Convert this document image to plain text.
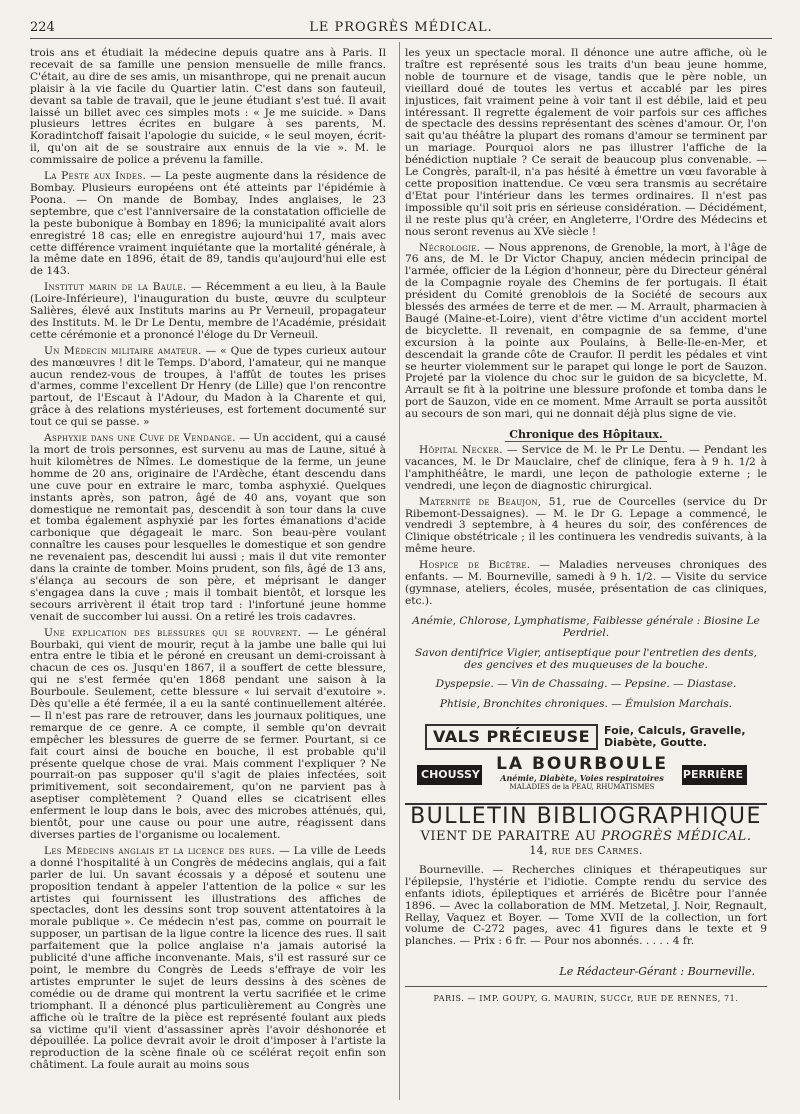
224	LE PROGRÈS MÉDICAL.

trois ans et étudiait la médecine depuis quatre ans à Paris. Il recevait de sa famille une pension mensuelle de mille francs. C'était, au dire de ses amis, un misanthrope, qui ne prenait aucun plaisir à la vie facile du Quartier latin. C'est dans son fauteuil, devant sa table de travail, que le jeune étudiant s'est tué. Il avait laissé un billet avec ces simples mots : « Je me suicide. » Dans plusieurs lettres écrites en bulgare à ses parents, M. Koradintchoff faisait l'apologie du suicide, « le seul moyen, écrit-il, qu'on ait de se soustraire aux ennuis de la vie ». M. le commissaire de police a prévenu la famille.

La Peste aux Indes. — La peste augmente dans la résidence de Bombay. Plusieurs européens ont été atteints par l'épidémie à Poona. — On mande de Bombay, Indes anglaises, le 23 septembre, que c'est l'anniversaire de la constatation officielle de la peste bubonique à Bombay en 1896; la municipalité avait alors enregistré 18 cas; elle en enregistre aujourd'hui 17, mais avec cette différence vraiment inquiétante que la mortalité générale, à la même date en 1896, était de 89, tandis qu'aujourd'hui elle est de 143.

Institut marin de la Baule. — Récemment a eu lieu, à la Baule (Loire-Inférieure), l'inauguration du buste, œuvre du sculpteur Salières, élevé aux Instituts marins au Pr Verneuil, propagateur des Instituts. M. le Dr Le Dentu, membre de l'Académie, présidait cette cérémonie et a prononcé l'éloge du Dr Verneuil.

Un Médecin militaire amateur. — « Que de types curieux autour des manœuvres ! dit le Temps. D'abord, l'amateur, qui ne manque aucun rendez-vous de troupes, à l'affût de toutes les prises d'armes, comme l'excellent Dr Henry (de Lille) que l'on rencontre partout, de l'Escaut à l'Adour, du Madon à la Charente et qui, grâce à des relations mystérieuses, est fortement documenté sur tout ce qui se passe. »

Asphyxie dans une Cuve de Vendange. — Un accident, qui a causé la mort de trois personnes, est survenu au mas de Laune, situé à huit kilomètres de Nîmes. Le domestique de la ferme, un jeune homme de 20 ans, originaire de l'Ardèche, étant descendu dans une cuve pour en extraire le marc, tomba asphyxié. Quelques instants après, son patron, âgé de 40 ans, voyant que son domestique ne remontait pas, descendit à son tour dans la cuve et tomba également asphyxié par les fortes émanations d'acide carbonique que dégageait le marc. Son beau-père voulant connaître les causes pour lesquelles le domestique et son gendre ne revenaient pas, descendit lui aussi ; mais il dut vite remonter dans la crainte de tomber. Moins prudent, son fils, âgé de 13 ans, s'élança au secours de son père, et méprisant le danger s'engagea dans la cuve ; mais il tombait bientôt, et lorsque les secours arrivèrent il était trop tard : l'infortuné jeune homme venait de succomber lui aussi. On a retiré les trois cadavres.

Une explication des blessures qui se rouvrent. — Le général Bourbaki, qui vient de mourir, reçut à la jambe une balle qui lui entra entre le tibia et le péroné en creusant un demi-croissant à chacun de ces os. Jusqu'en 1867, il a souffert de cette blessure, qui ne s'est fermée qu'en 1868 pendant une saison à la Bourboule. Seulement, cette blessure « lui servait d'exutoire ». Dès qu'elle a été fermée, il a eu la santé continuellement altérée. — Il n'est pas rare de retrouver, dans les journaux politiques, une remarque de ce genre. A ce compte, il semble qu'on devrait empêcher les blessures de guerre de se fermer. Pourtant, si ce fait court ainsi de bouche en bouche, il est probable qu'il présente quelque chose de vrai. Mais comment l'expliquer ? Ne pourrait-on pas supposer qu'il s'agit de plaies infectées, soit primitivement, soit secondairement, qu'on ne parvient pas à aseptiser complètement ? Quand elles se cicatrisent elles enferment le loup dans le bois, avec des microbes atténués, qui, bientôt, pour une cause ou pour une autre, réagissent dans diverses parties de l'organisme ou localement.

Les Médecins anglais et la licence des rues. — La ville de Leeds a donné l'hospitalité à un Congrès de médecins anglais, qui a fait parler de lui. Un savant écossais y a déposé et soutenu une proposition tendant à appeler l'attention de la police « sur les artistes qui fournissent les illustrations des affiches de spectacles, dont les dessins sont trop souvent attentatoires à la morale publique ». Ce médecin n'est pas, comme on pourrait le supposer, un partisan de la ligue contre la licence des rues. Il sait parfaitement que la police anglaise n'a jamais autorisé la publicité d'une affiche inconvenante. Mais, s'il est rassuré sur ce point, le membre du Congrès de Leeds s'effraye de voir les artistes emprunter le sujet de leurs dessins à des scènes de comédie ou de drame qui montrent la vertu sacrifiée et le crime triomphant. Il a dénoncé plus particulièrement au Congrès une affiche où le traître de la pièce est représenté foulant aux pieds sa victime qu'il vient d'assassiner après l'avoir déshonorée et dépouillée. La police devrait avoir le droit d'imposer à l'artiste la reproduction de la scène finale où ce scélérat reçoit enfin son châtiment. La foule aurait au moins sous

les yeux un spectacle moral. Il dénonce une autre affiche, où le traître est représenté sous les traits d'un beau jeune homme, noble de tournure et de visage, tandis que le père noble, un vieillard doué de toutes les vertus et accablé par les pires injustices, fait vraiment peine à voir tant il est débile, laid et peu intéressant. Il regrette également de voir parfois sur ces affiches de spectacle des dessins représentant des scènes d'amour. Or, l'on sait qu'au théâtre la plupart des romans d'amour se terminent par un mariage. Pourquoi alors ne pas illustrer l'affiche de la bénédiction nuptiale ? Ce serait de beaucoup plus convenable. — Le Congrès, paraît-il, n'a pas hésité à émettre un vœu favorable à cette proposition inattendue. Ce vœu sera transmis au secrétaire d'Etat pour l'intérieur dans les termes ordinaires. Il n'est pas impossible qu'il soit pris en sérieuse considération. — Décidément, il ne reste plus qu'à créer, en Angleterre, l'Ordre des Médecins et nous seront revenus au XVe siècle !

Nécrologie. — Nous apprenons, de Grenoble, la mort, à l'âge de 76 ans, de M. le Dr Victor Chapuy, ancien médecin principal de l'armée, officier de la Légion d'honneur, père du Directeur général de la Compagnie royale des Chemins de fer portugais. Il était président du Comité grenoblois de la Société de secours aux blessés des armées de terre et de mer. — M. Arrault, pharmacien à Baugé (Maine-et-Loire), vient d'être victime d'un accident mortel de bicyclette. Il revenait, en compagnie de sa femme, d'une excursion à la pointe aux Poulains, à Belle-Ile-en-Mer, et descendait la grande côte de Craufor. Il perdit les pédales et vint se heurter violemment sur le parapet qui longe le port de Sauzon. Projeté par la violence du choc sur le guidon de sa bicyclette, M. Arrault se fit à la poitrine une blessure profonde et tomba dans le port de Sauzon, vide en ce moment. Mme Arrault se porta aussitôt au secours de son mari, qui ne donnait déjà plus signe de vie.

Chronique des Hôpitaux.

Hôpital Necker. — Service de M. le Pr Le Dentu. — Pendant les vacances, M. le Dr Mauclaire, chef de clinique, fera à 9 h. 1/2 à l'amphithéâtre, le mardi, une leçon de pathologie externe ; le vendredi, une leçon de diagnostic chirurgical.

Maternité de Beaujon, 51, rue de Courcelles (service du Dr Ribemont-Dessaignes). — M. le Dr G. Lepage a commencé, le vendredi 3 septembre, à 4 heures du soir, des conférences de Clinique obstétricale ; il les continuera les vendredis suivants, à la même heure.

Hospice de Bicêtre. — Maladies nerveuses chroniques des enfants. — M. Bourneville, samedi à 9 h. 1/2. — Visite du service (gymnase, ateliers, écoles, musée, présentation de cas cliniques, etc.).

Anémie, Chlorose, Lymphatisme, Faiblesse générale : Biosine Le Perdriel.

Savon dentifrice Vigier, antiseptique pour l'entretien des dents, des gencives et des muqueuses de la bouche.

Dyspepsie. — Vin de Chassaing. — Pepsine. — Diastase.

Phtisie, Bronchites chroniques. — Émulsion Marchais.

VALS PRÉCIEUSE	Foie, Calculs, Gravelle,
Diabète, Goutte.
CHOUSSY	PERRIÈRE
LA BOURBOULE
Anémie, Diabète, Voies respiratoires
MALADIES de la PEAU, RHUMATISMES
BULLETIN BIBLIOGRAPHIQUE
VIENT DE PARAITRE AU PROGRÈS MÉDICAL.
14, rue des Carmes.

Bourneville. — Recherches cliniques et thérapeutiques sur l'épilepsie, l'hystérie et l'idiotie. Compte rendu du service des enfants idiots, épileptiques et arriérés de Bicêtre pour l'année 1896. — Avec la collaboration de MM. Metzetal, J. Noir, Regnault, Rellay, Vaquez et Boyer. — Tome XVII de la collection, un fort volume de C-272 pages, avec 41 figures dans le texte et 9 planches. — Prix : 6 fr. — Pour nos abonnés. . . . . 4 fr.

Le Rédacteur-Gérant : Bourneville.
PARIS. — IMP. GOUPY, G. MAURIN, SUCCr, RUE DE RENNES, 71.
